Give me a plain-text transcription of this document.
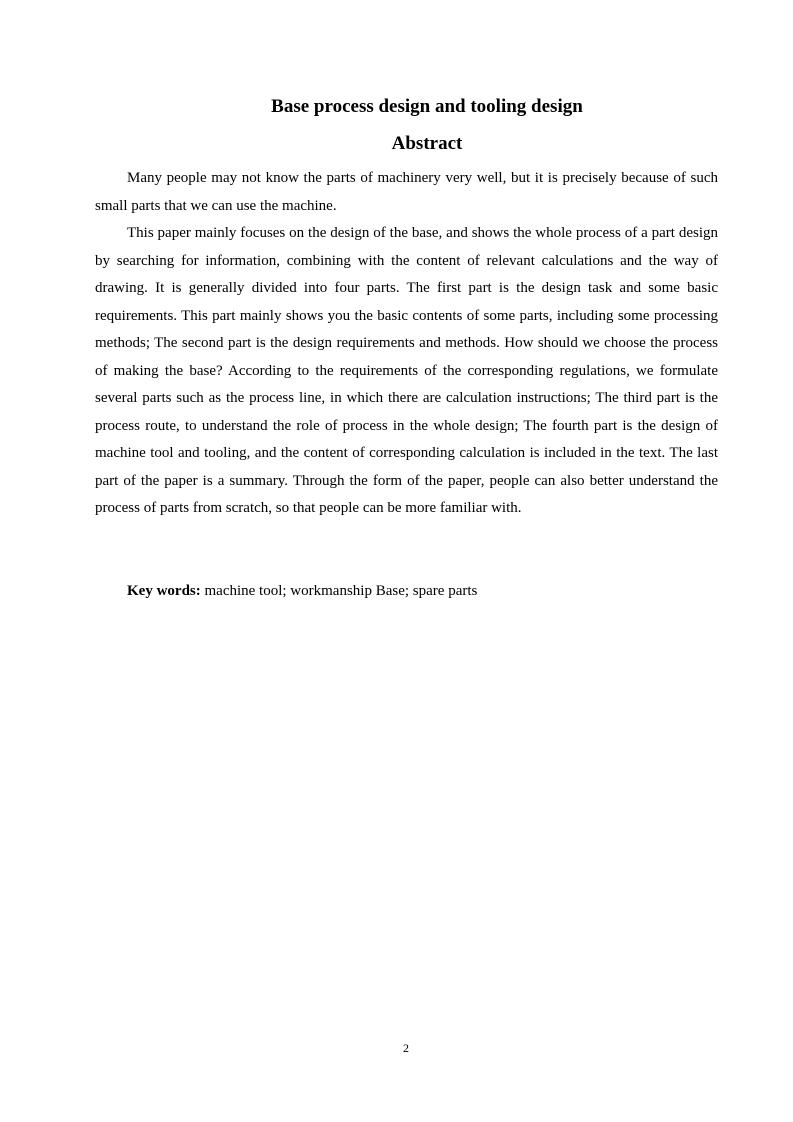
Base process design and tooling design
Abstract

Many people may not know the parts of machinery very well, but it is precisely because of such small parts that we can use the machine.

This paper mainly focuses on the design of the base, and shows the whole process of a part design by searching for information, combining with the content of relevant calculations and the way of drawing. It is generally divided into four parts. The first part is the design task and some basic requirements. This part mainly shows you the basic contents of some parts, including some processing methods; The second part is the design requirements and methods. How should we choose the process of making the base? According to the requirements of the corresponding regulations, we formulate several parts such as the process line, in which there are calculation instructions; The third part is the process route, to understand the role of process in the whole design; The fourth part is the design of machine tool and tooling, and the content of corresponding calculation is included in the text. The last part of the paper is a summary. Through the form of the paper, people can also better understand the process of parts from scratch, so that people can be more familiar with.

Key words: machine tool; workmanship Base; spare parts

2
